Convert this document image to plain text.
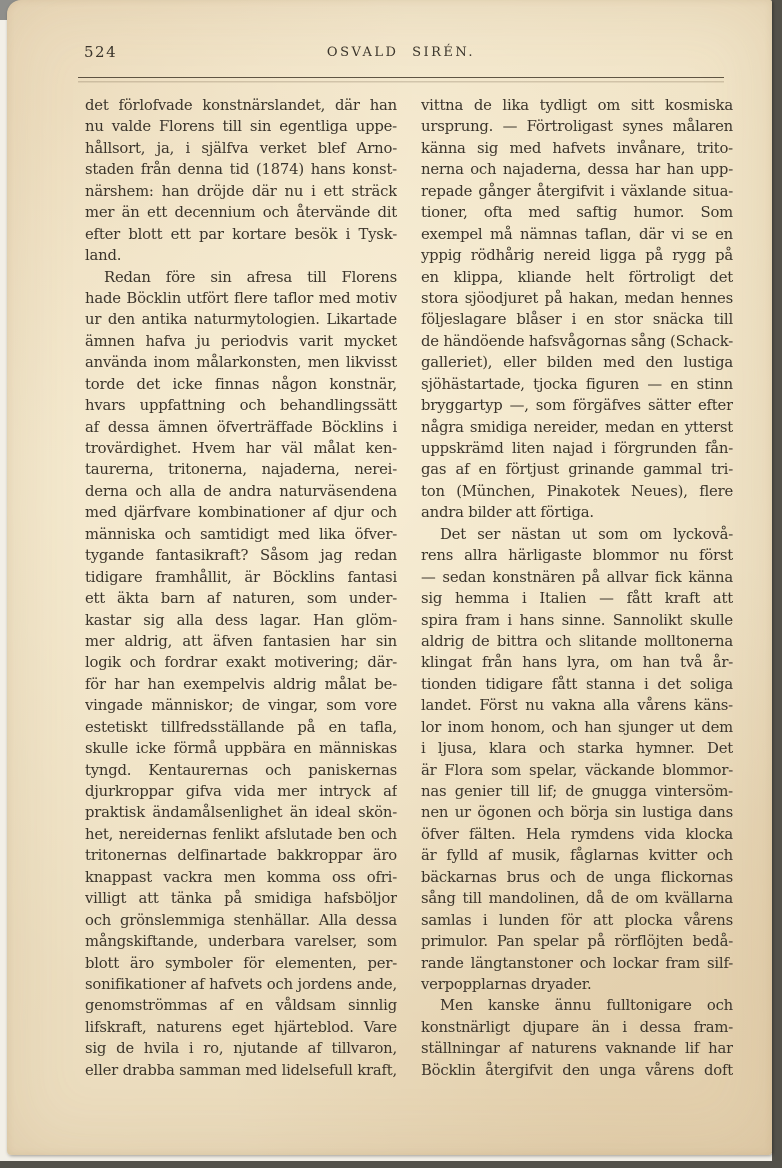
524	OSVALD SIRÉN.
det förlofvade konstnärslandet, där han
nu valde Florens till sin egentliga uppe-
hållsort, ja, i själfva verket blef Arno-
staden från denna tid (1874) hans konst-
närshem: han dröjde där nu i ett sträck
mer än ett decennium och återvände dit
efter blott ett par kortare besök i Tysk-
land.
Redan före sin afresa till Florens
hade Böcklin utfört flere taflor med motiv
ur den antika naturmytologien. Likartade
ämnen hafva ju periodvis varit mycket
använda inom målarkonsten, men likvisst
torde det icke finnas någon konstnär,
hvars uppfattning och behandlingssätt
af dessa ämnen öfverträffade Böcklins i
trovärdighet. Hvem har väl målat ken-
taurerna, tritonerna, najaderna, nerei-
derna och alla de andra naturväsendena
med djärfvare kombinationer af djur och
människa och samtidigt med lika öfver-
tygande fantasikraft? Såsom jag redan
tidigare framhållit, är Böcklins fantasi
ett äkta barn af naturen, som under-
kastar sig alla dess lagar. Han glöm-
mer aldrig, att äfven fantasien har sin
logik och fordrar exakt motivering; där-
för har han exempelvis aldrig målat be-
vingade människor; de vingar, som vore
estetiskt tillfredsställande på en tafla,
skulle icke förmå uppbära en människas
tyngd. Kentaurernas och paniskernas
djurkroppar gifva vida mer intryck af
praktisk ändamålsenlighet än ideal skön-
het, nereidernas fenlikt afslutade ben och
tritonernas delfinartade bakkroppar äro
knappast vackra men komma oss ofri-
villigt att tänka på smidiga hafsböljor
och grönslemmiga stenhällar. Alla dessa
mångskiftande, underbara varelser, som
blott äro symboler för elementen, per-
sonifikationer af hafvets och jordens ande,
genomströmmas af en våldsam sinnlig
lifskraft, naturens eget hjärteblod. Vare
sig de hvila i ro, njutande af tillvaron,
eller drabba samman med lidelsefull kraft,
vittna de lika tydligt om sitt kosmiska
ursprung. — Förtroligast synes målaren
känna sig med hafvets invånare, trito-
nerna och najaderna, dessa har han upp-
repade gånger återgifvit i växlande situa-
tioner, ofta med saftig humor. Som
exempel må nämnas taflan, där vi se en
yppig rödhårig nereid ligga på rygg på
en klippa, kliande helt förtroligt det
stora sjöodjuret på hakan, medan hennes
följeslagare blåser i en stor snäcka till
de händöende hafsvågornas sång (Schack-
galleriet), eller bilden med den lustiga
sjöhästartade, tjocka figuren — en stinn
bryggartyp —, som förgäfves sätter efter
några smidiga nereider, medan en ytterst
uppskrämd liten najad i förgrunden fån-
gas af en förtjust grinande gammal tri-
ton (München, Pinakotek Neues), flere
andra bilder att förtiga.
Det ser nästan ut som om lyckovå-
rens allra härligaste blommor nu först
— sedan konstnären på allvar fick känna
sig hemma i Italien — fått kraft att
spira fram i hans sinne. Sannolikt skulle
aldrig de bittra och slitande molltonerna
klingat från hans lyra, om han två år-
tionden tidigare fått stanna i det soliga
landet. Först nu vakna alla vårens käns-
lor inom honom, och han sjunger ut dem
i ljusa, klara och starka hymner. Det
är Flora som spelar, väckande blommor-
nas genier till lif; de gnugga vintersöm-
nen ur ögonen och börja sin lustiga dans
öfver fälten. Hela rymdens vida klocka
är fylld af musik, fåglarnas kvitter och
bäckarnas brus och de unga flickornas
sång till mandolinen, då de om kvällarna
samlas i lunden för att plocka vårens
primulor. Pan spelar på rörflöjten bedå-
rande längtanstoner och lockar fram silf-
verpopplarnas dryader.
Men kanske ännu fulltonigare och
konstnärligt djupare än i dessa fram-
ställningar af naturens vaknande lif har
Böcklin återgifvit den unga vårens doft
